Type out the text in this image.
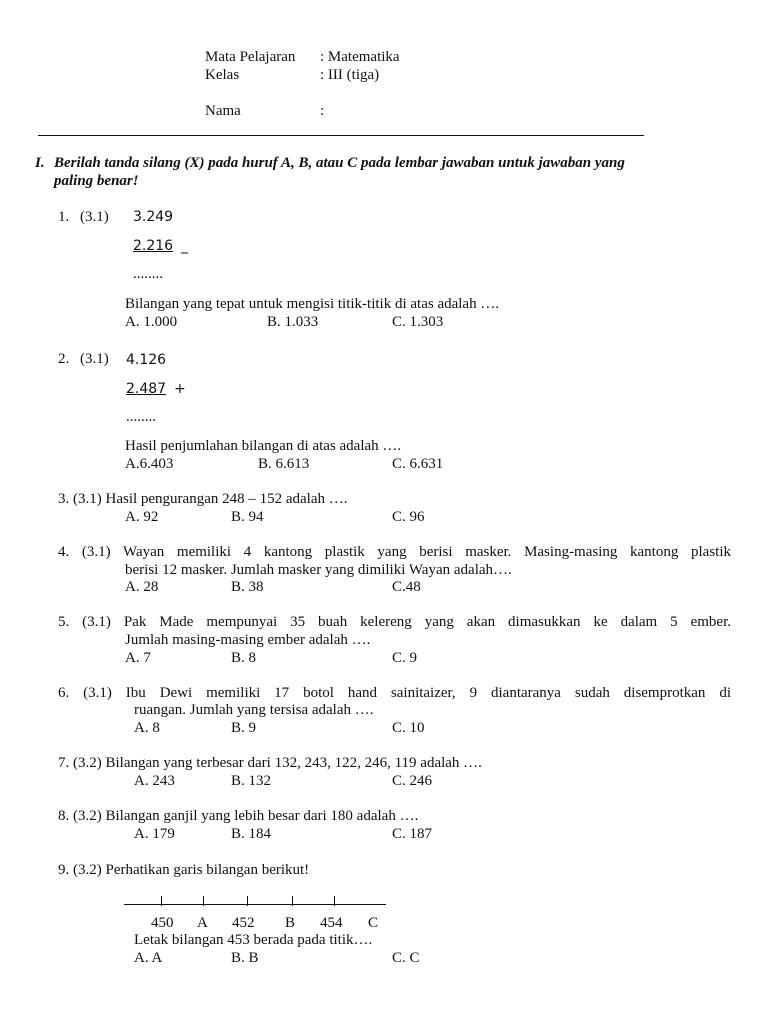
Mata Pelajaran : Matematika
Kelas	: III (tiga)
Nama	:
I. Berilah tanda silang (X) pada huruf A, B, atau C pada lembar jawaban untuk jawaban yang
paling benar!
1. (3.1) 3.249
2.216 _
........
Bilangan yang tepat untuk mengisi titik-titik di atas adalah ….
A. 1.000	B. 1.033	C. 1.303
2. (3.1) 4.126
2.487 +
........
Hasil penjumlahan bilangan di atas adalah ….
A.6.403	B. 6.613	C. 6.631
3. (3.1) Hasil pengurangan 248 – 152 adalah ….
A. 92	B. 94	C. 96
4. (3.1) Wayan memiliki 4 kantong plastik yang berisi masker. Masing-masing kantong plastik
berisi 12 masker. Jumlah masker yang dimiliki Wayan adalah….
A. 28	B. 38	C.48
5. (3.1) Pak Made mempunyai 35 buah kelereng yang akan dimasukkan ke dalam 5 ember.
Jumlah masing-masing ember adalah ….
A. 7	B. 8	C. 9
6. (3.1) Ibu Dewi memiliki 17 botol hand sainitaizer, 9 diantaranya sudah disemprotkan di
ruangan. Jumlah yang tersisa adalah ….
A. 8	B. 9	C. 10
7. (3.2) Bilangan yang terbesar dari 132, 243, 122, 246, 119 adalah ….
A. 243	B. 132	C. 246
8. (3.2) Bilangan ganjil yang lebih besar dari 180 adalah ….
A. 179	B. 184	C. 187
9. (3.2) Perhatikan garis bilangan berikut!
450 A 452 B 454 C
Letak bilangan 453 berada pada titik….
A. A	B. B	C. C
